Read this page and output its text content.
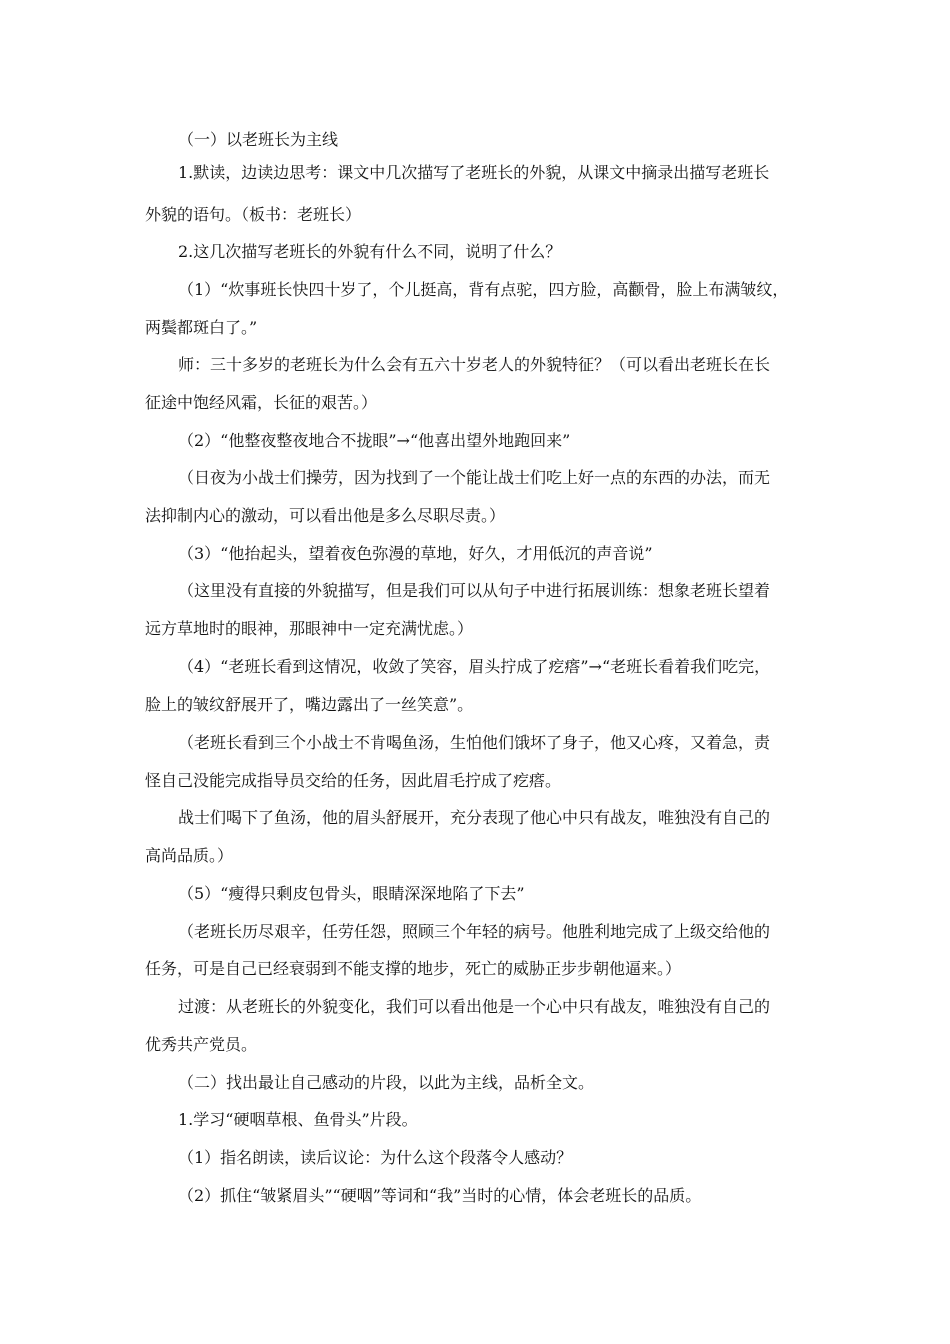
（一）以老班长为主线
1.默读，边读边思考：课文中几次描写了老班长的外貌，从课文中摘录出描写老班长
外貌的语句。（板书：老班长）
2.这几次描写老班长的外貌有什么不同，说明了什么？
（1）“炊事班长快四十岁了，个儿挺高，背有点驼，四方脸，高颧骨，脸上布满皱纹，
两鬓都斑白了。”
师：三十多岁的老班长为什么会有五六十岁老人的外貌特征？（可以看出老班长在长
征途中饱经风霜，长征的艰苦。）
（2）“他整夜整夜地合不拢眼”→“他喜出望外地跑回来”
（日夜为小战士们操劳，因为找到了一个能让战士们吃上好一点的东西的办法，而无
法抑制内心的激动，可以看出他是多么尽职尽责。）
（3）“他抬起头，望着夜色弥漫的草地，好久，才用低沉的声音说”
（这里没有直接的外貌描写，但是我们可以从句子中进行拓展训练：想象老班长望着
远方草地时的眼神，那眼神中一定充满忧虑。）
（4）“老班长看到这情况，收敛了笑容，眉头拧成了疙瘩”→“老班长看着我们吃完，
脸上的皱纹舒展开了，嘴边露出了一丝笑意”。
（老班长看到三个小战士不肯喝鱼汤，生怕他们饿坏了身子，他又心疼，又着急，责
怪自己没能完成指导员交给的任务，因此眉毛拧成了疙瘩。
战士们喝下了鱼汤，他的眉头舒展开，充分表现了他心中只有战友，唯独没有自己的
高尚品质。）
（5）“瘦得只剩皮包骨头，眼睛深深地陷了下去”
（老班长历尽艰辛，任劳任怨，照顾三个年轻的病号。他胜利地完成了上级交给他的
任务，可是自己已经衰弱到不能支撑的地步，死亡的威胁正步步朝他逼来。）
过渡：从老班长的外貌变化，我们可以看出他是一个心中只有战友，唯独没有自己的
优秀共产党员。
（二）找出最让自己感动的片段，以此为主线，品析全文。
1.学习“硬咽草根、鱼骨头”片段。
（1）指名朗读，读后议论：为什么这个段落令人感动？
（2）抓住“皱紧眉头”“硬咽”等词和“我”当时的心情，体会老班长的品质。
